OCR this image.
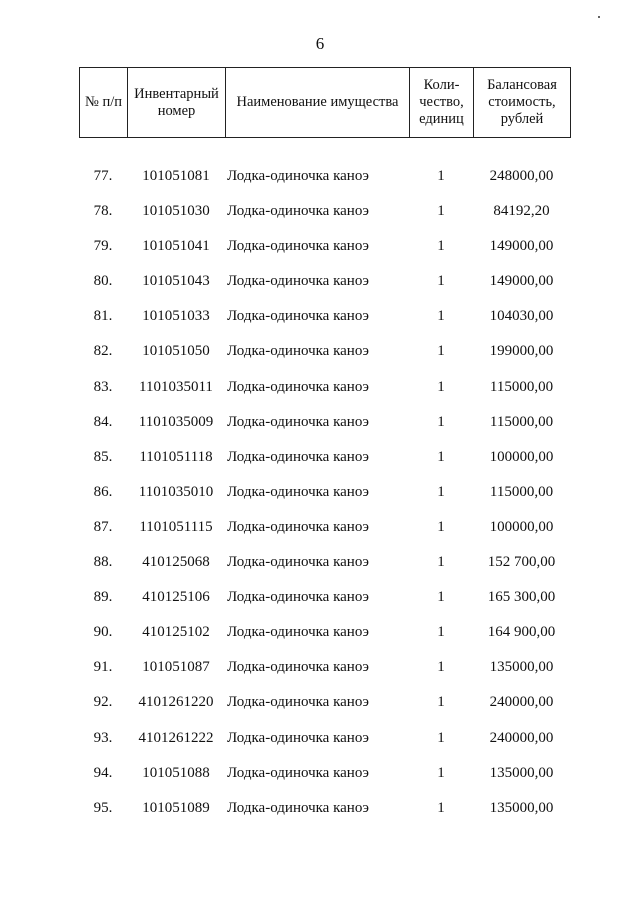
6
№ п/п	Инвентарный номер	Наименование имущества	Коли-чество, единиц	Балансовая стоимость, рублей
77.	101051081	Лодка-одиночка каноэ	1	248000,00
78.	101051030	Лодка-одиночка каноэ	1	84192,20
79.	101051041	Лодка-одиночка каноэ	1	149000,00
80.	101051043	Лодка-одиночка каноэ	1	149000,00
81.	101051033	Лодка-одиночка каноэ	1	104030,00
82.	101051050	Лодка-одиночка каноэ	1	199000,00
83.	1101035011 Лодка-одиночка каноэ	1	115000,00
84.	1101035009 Лодка-одиночка каноэ	1	115000,00
85.	1101051118 Лодка-одиночка каноэ	1	100000,00
86.	1101035010 Лодка-одиночка каноэ	1	115000,00
87.	1101051115 Лодка-одиночка каноэ	1	100000,00
88.	410125068	Лодка-одиночка каноэ	1	152 700,00
89.	410125106	Лодка-одиночка каноэ	1	165 300,00
90.	410125102	Лодка-одиночка каноэ	1	164 900,00
91.	101051087	Лодка-одиночка каноэ	1	135000,00
92.	4101261220 Лодка-одиночка каноэ	1	240000,00
93.	4101261222 Лодка-одиночка каноэ	1	240000,00
94.	101051088	Лодка-одиночка каноэ	1	135000,00
95.	101051089	Лодка-одиночка каноэ	1	135000,00
